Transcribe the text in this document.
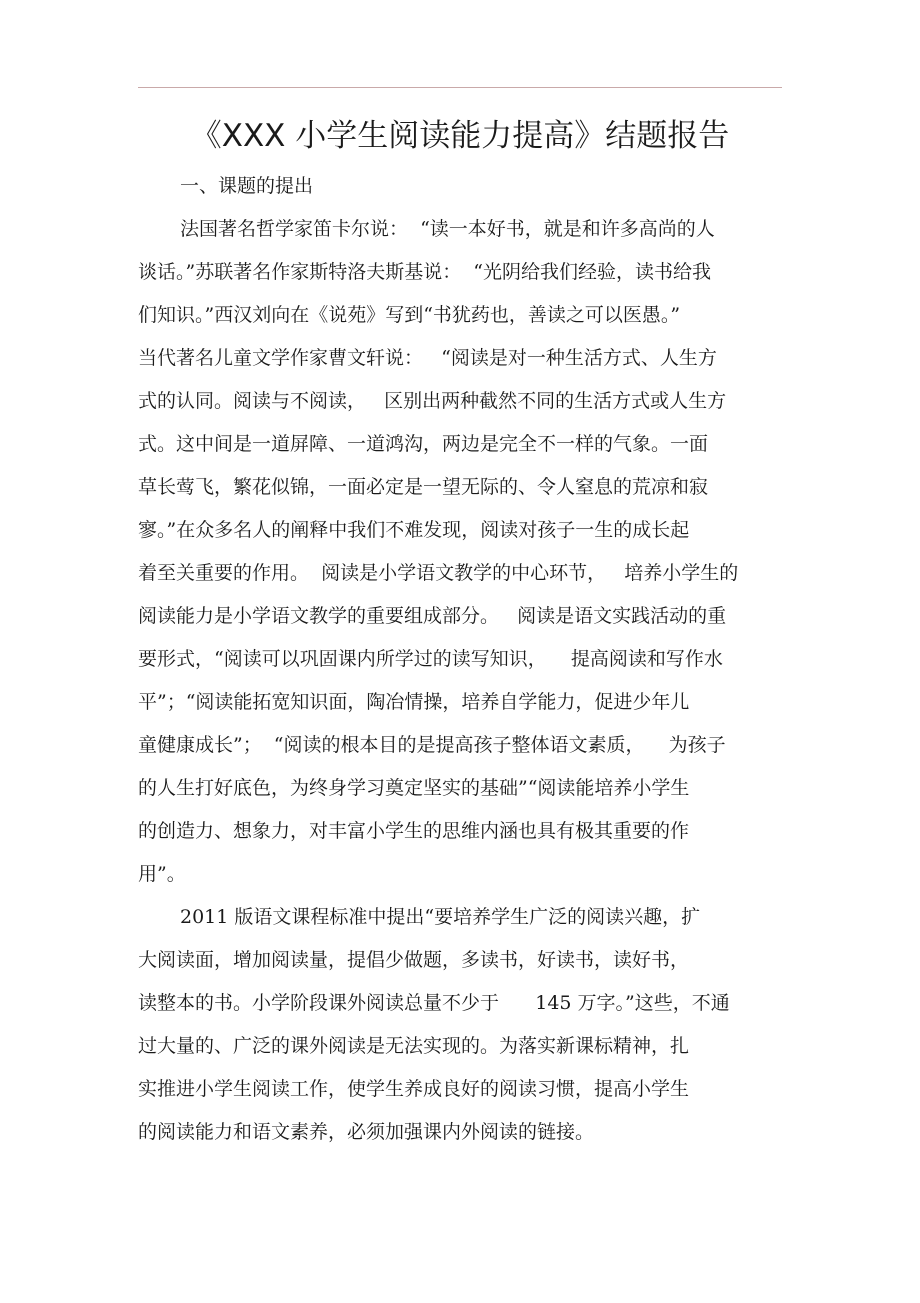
《XXX 小学生阅读能力提高》结题报告
一、课题的提出
法国著名哲学家笛卡尔说：  “读一本好书，就是和许多高尚的人
谈话。”苏联著名作家斯特洛夫斯基说：  “光阴给我们经验，读书给我
们知识。”西汉刘向在《说苑》写到“书犹药也，善读之可以医愚。”
当代著名儿童文学作家曹文轩说：   “阅读是对一种生活方式、人生方
式的认同。阅读与不阅读，   区别出两种截然不同的生活方式或人生方
式。这中间是一道屏障、一道鸿沟，两边是完全不一样的气象。一面
草长莺飞，繁花似锦，一面必定是一望无际的、令人窒息的荒凉和寂
寥。”在众多名人的阐释中我们不难发现，阅读对孩子一生的成长起
着至关重要的作用。  阅读是小学语文教学的中心环节，   培养小学生的
阅读能力是小学语文教学的重要组成部分。   阅读是语文实践活动的重
要形式，“阅读可以巩固课内所学过的读写知识，    提高阅读和写作水
平”；“阅读能拓宽知识面，陶冶情操，培养自学能力，促进少年儿
童健康成长”；  “阅读的根本目的是提高孩子整体语文素质，    为孩子
的人生打好底色，为终身学习奠定坚实的基础”“阅读能培养小学生
的创造力、想象力，对丰富小学生的思维内涵也具有极其重要的作
用”。
2011 版语文课程标准中提出“要培养学生广泛的阅读兴趣，扩
大阅读面，增加阅读量，提倡少做题，多读书，好读书，读好书，
读整本的书。小学阶段课外阅读总量不少于      145 万字。”这些，不通
过大量的、广泛的课外阅读是无法实现的。为落实新课标精神，扎
实推进小学生阅读工作，使学生养成良好的阅读习惯，提高小学生
的阅读能力和语文素养，必须加强课内外阅读的链接。
